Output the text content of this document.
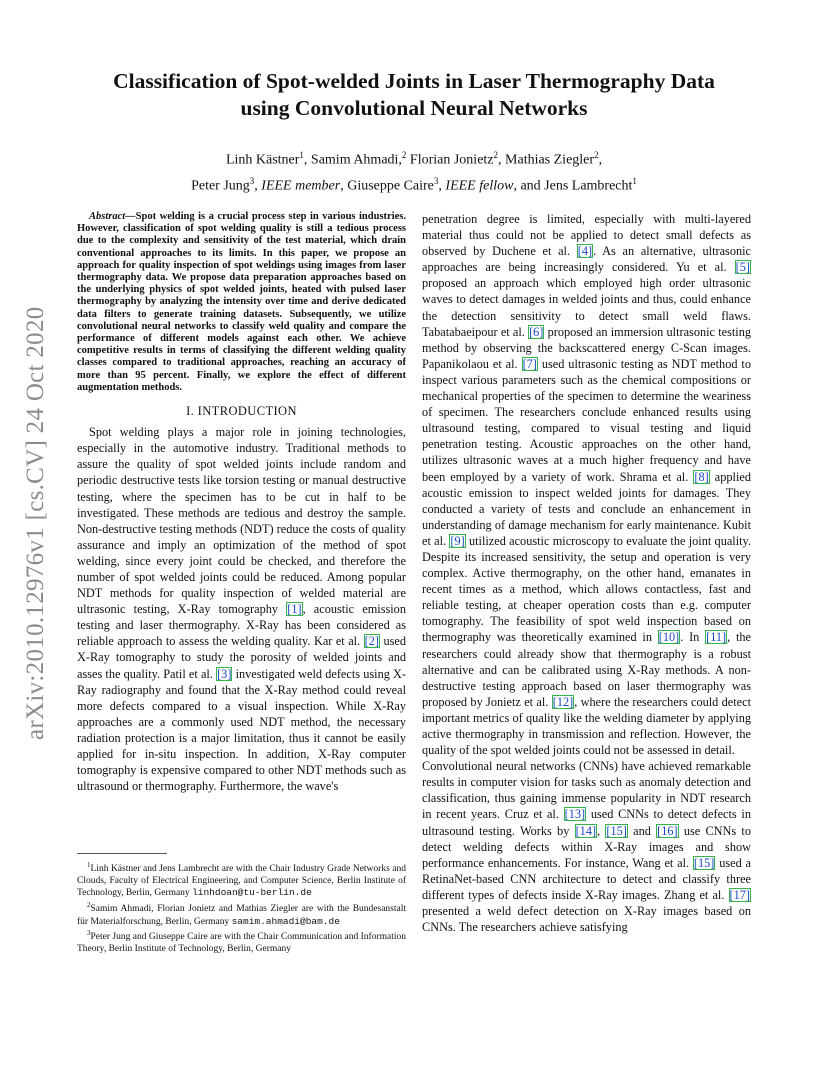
arXiv:2010.12976v1 [cs.CV] 24 Oct 2020
Classification of Spot-welded Joints in Laser Thermography Data
using Convolutional Neural Networks
Linh Kästner$^1$, Samim Ahmadi,$^2$ Florian Jonietz$^2$, Mathias Ziegler$^2$,
Peter Jung$^3$, IEEE member, Giuseppe Caire$^3$, IEEE fellow, and Jens Lambrecht$^1$

Abstract—Spot welding is a crucial process step in various industries. However, classification of spot welding quality is still a tedious process due to the complexity and sensitivity of the test material, which drain conventional approaches to its limits. In this paper, we propose an approach for quality inspection of spot weldings using images from laser thermography data. We propose data preparation approaches based on the underlying physics of spot welded joints, heated with pulsed laser thermography by analyzing the intensity over time and derive dedicated data filters to generate training datasets. Subsequently, we utilize convolutional neural networks to classify weld quality and compare the performance of different models against each other. We achieve competitive results in terms of classifying the different welding quality classes compared to traditional approaches, reaching an accuracy of more than 95 percent. Finally, we explore the effect of different augmentation methods.

I. INTRODUCTION

Spot welding plays a major role in joining technologies, especially in the automotive industry. Traditional methods to assure the quality of spot welded joints include random and periodic destructive tests like torsion testing or manual destructive testing, where the specimen has to be cut in half to be investigated. These methods are tedious and destroy the sample. Non-destructive testing methods (NDT) reduce the costs of quality assurance and imply an optimization of the method of spot welding, since every joint could be checked, and therefore the number of spot welded joints could be reduced. Among popular NDT methods for quality inspection of welded material are ultrasonic testing, X-Ray tomography [1], acoustic emission testing and laser thermography. X-Ray has been considered as reliable approach to assess the welding quality. Kar et al. [2] used X-Ray tomography to study the porosity of welded joints and asses the quality. Patil et al. [3] investigated weld defects using X-Ray radiography and found that the X-Ray method could reveal more defects compared to a visual inspection. While X-Ray approaches are a commonly used NDT method, the necessary radiation protection is a major limitation, thus it cannot be easily applied for in-situ inspection. In addition, X-Ray computer tomography is expensive compared to other NDT methods such as ultrasound or thermography. Furthermore, the wave's

$^1$Linh Kästner and Jens Lambrecht are with the Chair Industry Grade Networks and Clouds, Faculty of Electrical Engineering, and Computer Science, Berlin Institute of Technology, Berlin, Germany linhdoan@tu-berlin.de

$^2$Samim Ahmadi, Florian Jonietz and Mathias Ziegler are with the Bundesanstalt für Materialforschung, Berlin, Germany samim.ahmadi@bam.de

$^3$Peter Jung and Giuseppe Caire are with the Chair Communication and Information Theory, Berlin Institute of Technology, Berlin, Germany

penetration degree is limited, especially with multi-layered material thus could not be applied to detect small defects as observed by Duchene et al. [4]. As an alternative, ultrasonic approaches are being increasingly considered. Yu et al. [5] proposed an approach which employed high order ultrasonic waves to detect damages in welded joints and thus, could enhance the detection sensitivity to detect small weld flaws. Tabatabaeipour et al. [6] proposed an immersion ultrasonic testing method by observing the backscattered energy C-Scan images. Papanikolaou et al. [7] used ultrasonic testing as NDT method to inspect various parameters such as the chemical compositions or mechanical properties of the specimen to determine the weariness of specimen. The researchers conclude enhanced results using ultrasound testing, compared to visual testing and liquid penetration testing. Acoustic approaches on the other hand, utilizes ultrasonic waves at a much higher frequency and have been employed by a variety of work. Shrama et al. [8] applied acoustic emission to inspect welded joints for damages. They conducted a variety of tests and conclude an enhancement in understanding of damage mechanism for early maintenance. Kubit et al. [9] utilized acoustic microscopy to evaluate the joint quality. Despite its increased sensitivity, the setup and operation is very complex. Active thermography, on the other hand, emanates in recent times as a method, which allows contactless, fast and reliable testing, at cheaper operation costs than e.g. computer tomography. The feasibility of spot weld inspection based on thermography was theoretically examined in [10]. In [11], the researchers could already show that thermography is a robust alternative and can be calibrated using X-Ray methods. A non-destructive testing approach based on laser thermography was proposed by Jonietz et al. [12], where the researchers could detect important metrics of quality like the welding diameter by applying active thermography in transmission and reflection. However, the quality of the spot welded joints could not be assessed in detail.

Convolutional neural networks (CNNs) have achieved remarkable results in computer vision for tasks such as anomaly detection and classification, thus gaining immense popularity in NDT research in recent years. Cruz et al. [13] used CNNs to detect defects in ultrasound testing. Works by [14], [15] and [16] use CNNs to detect welding defects within X-Ray images and show performance enhancements. For instance, Wang et al. [15] used a RetinaNet-based CNN architecture to detect and classify three different types of defects inside X-Ray images. Zhang et al. [17] presented a weld defect detection on X-Ray images based on CNNs. The researchers achieve satisfying
